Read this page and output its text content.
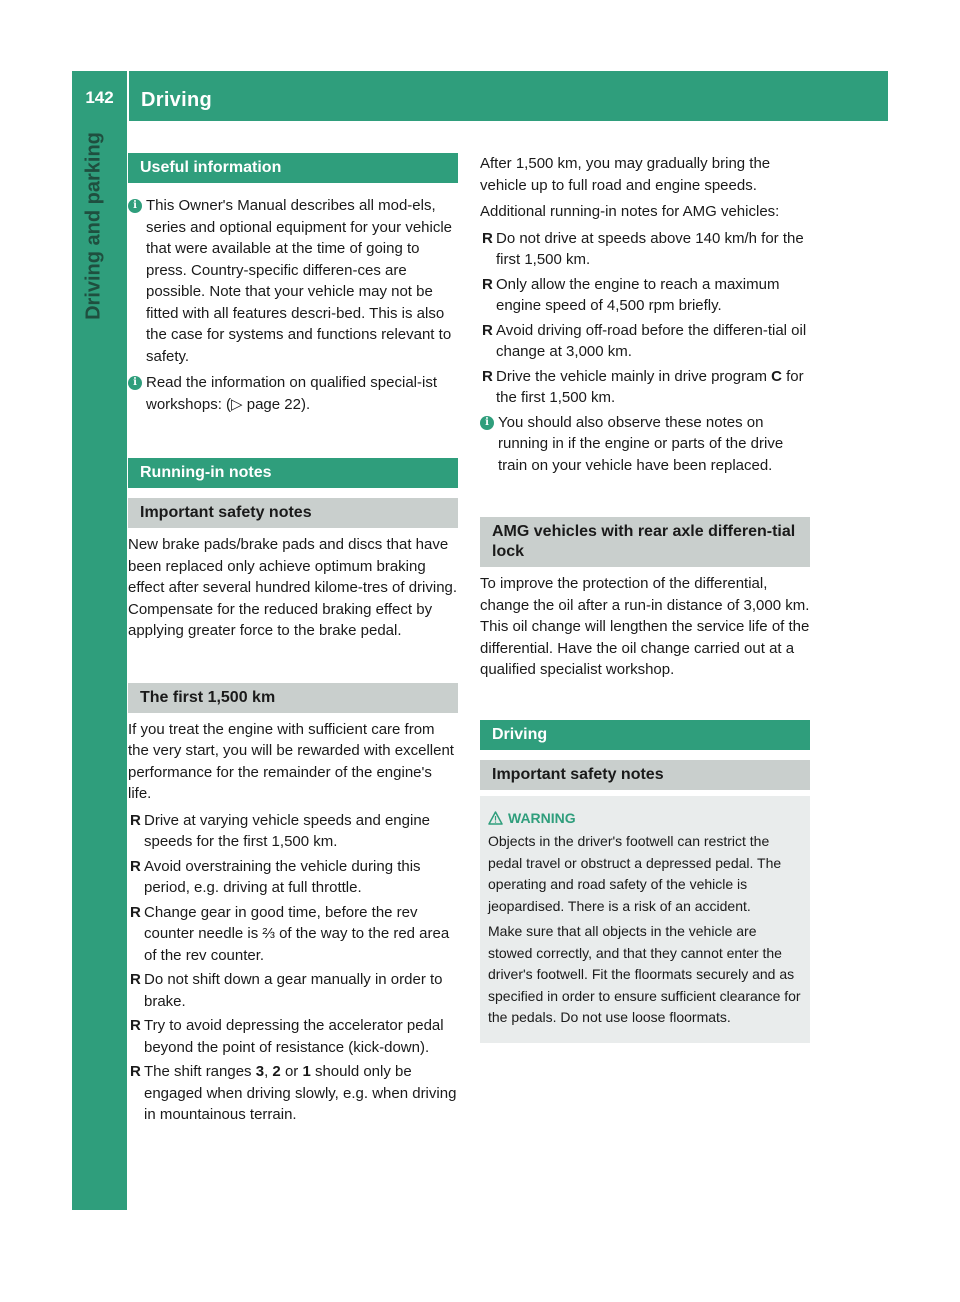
142	Driving
Driving and parking	Useful information

i This Owner's Manual describes all mod-els, series and optional equipment for your vehicle that were available at the time of going to press. Country-specific differen-ces are possible. Note that your vehicle may not be fitted with all features descri-bed. This is also the case for systems and functions relevant to safety.

i Read the information on qualified special-ist workshops: (▷ page 22).

Running-in notes
Important safety notes

New brake pads/brake pads and discs that have been replaced only achieve optimum braking effect after several hundred kilome-tres of driving. Compensate for the reduced braking effect by applying greater force to the brake pedal.

The first 1,500 km

If you treat the engine with sufficient care from the very start, you will be rewarded with excellent performance for the remainder of the engine's life.

R Drive at varying vehicle speeds and engine speeds for the first 1,500 km.
R Avoid overstraining the vehicle during this period, e.g. driving at full throttle.
R Change gear in good time, before the rev counter needle is ⅔ of the way to the red area of the rev counter.
R Do not shift down a gear manually in order to brake.
R Try to avoid depressing the accelerator pedal beyond the point of resistance (kick-down).
R The shift ranges 3, 2 or 1 should only be engaged when driving slowly, e.g. when driving in mountainous terrain.

After 1,500 km, you may gradually bring the vehicle up to full road and engine speeds.

Additional running-in notes for AMG vehicles:

R Do not drive at speeds above 140 km/h for the first 1,500 km.
R Only allow the engine to reach a maximum engine speed of 4,500 rpm briefly.
R Avoid driving off-road before the differen-tial oil change at 3,000 km.
R Drive the vehicle mainly in drive program C for the first 1,500 km.

i You should also observe these notes on running in if the engine or parts of the drive train on your vehicle have been replaced.

AMG vehicles with rear axle differen-tial lock

To improve the protection of the differential, change the oil after a run-in distance of 3,000 km. This oil change will lengthen the service life of the differential. Have the oil change carried out at a qualified specialist workshop.

Driving
Important safety notes
WARNING

Objects in the driver's footwell can restrict the pedal travel or obstruct a depressed pedal. The operating and road safety of the vehicle is jeopardised. There is a risk of an accident.

Make sure that all objects in the vehicle are stowed correctly, and that they cannot enter the driver's footwell. Fit the floormats securely and as specified in order to ensure sufficient clearance for the pedals. Do not use loose floormats.
